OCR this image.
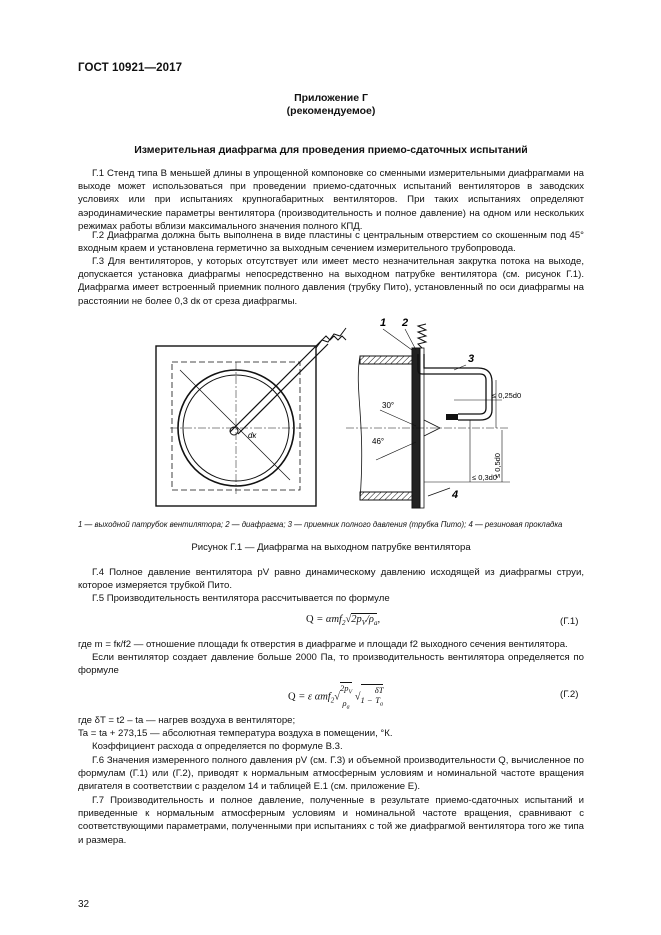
ГОСТ 10921—2017
Приложение Г
(рекомендуемое)
Измерительная диафрагма для проведения приемо-сдаточных испытаний
Г.1 Стенд типа В меньшей длины в упрощенной компоновке со сменными измерительными диафрагмами на выходе может использоваться при проведении приемо-сдаточных испытаний вентиляторов в заводских условиях или при испытаниях крупногабаритных вентиляторов. При таких испытаниях определяют аэродинамические параметры вентилятора (производительность и полное давление) на одном или нескольких режимах работы вблизи максимального значения полного КПД.
Г.2 Диафрагма должна быть выполнена в виде пластины с центральным отверстием со скошенным под 45° входным краем и установлена герметично за выходным сечением измерительного трубопровода.
Г.3 Для вентиляторов, у которых отсутствует или имеет место незначительная закрутка потока на выходе, допускается установка диафрагмы непосредственно на выходном патрубке вентилятора (см. рисунок Г.1). Диафрагма имеет встроенный приемник полного давления (трубку Пито), установленный по оси диафрагмы на расстоянии не более 0,3 dк от среза диафрагмы.
dк
1 2
3
4
30°
46°
≤ 0,25d0
≤ 0,5d0
≤ 0,3d0
1 — выходной патрубок вентилятора; 2 — диафрагма; 3 — приемник полного давления (трубка Пито); 4 — резиновая прокладка
Рисунок Г.1 — Диафрагма на выходном патрубке вентилятора
Г.4 Полное давление вентилятора pV равно динамическому давлению исходящей из диафрагмы струи, которое измеряется трубкой Пито.
Г.5 Производительность вентилятора рассчитывается по формуле
$Q = \alpha mf_2√2p_V/\rho_a$,	(Г.1)
где m = fк/f2 — отношение площади fк отверстия в диафрагме и площади f2 выходного сечения вентилятора.
Если вентилятор создает давление больше 2000 Па, то производительность вентилятора определяется по формуле
Q = ε $\alpha mf_2√2p_V$
$\rho_a$ √1 − δT
$T_a$
(Г.2)
где δT = t2 – ta — нагрев воздуха в вентиляторе;
Ta = ta + 273,15 — абсолютная температура воздуха в помещении, °К.
Коэффициент расхода α определяется по формуле В.3.
Г.6 Значения измеренного полного давления pV (см. Г.3) и объемной производительности Q, вычисленное по формулам (Г.1) или (Г.2), приводят к нормальным атмосферным условиям и номинальной частоте вращения двигателя в соответствии с разделом 14 и таблицей Е.1 (см. приложение Е).
Г.7 Производительность и полное давление, полученные в результате приемо-сдаточных испытаний и приведенные к нормальным атмосферным условиям и номинальной частоте вращения, сравнивают с соответствующими параметрами, полученными при испытаниях с той же диафрагмой вентилятора того же типа и размера.
32
